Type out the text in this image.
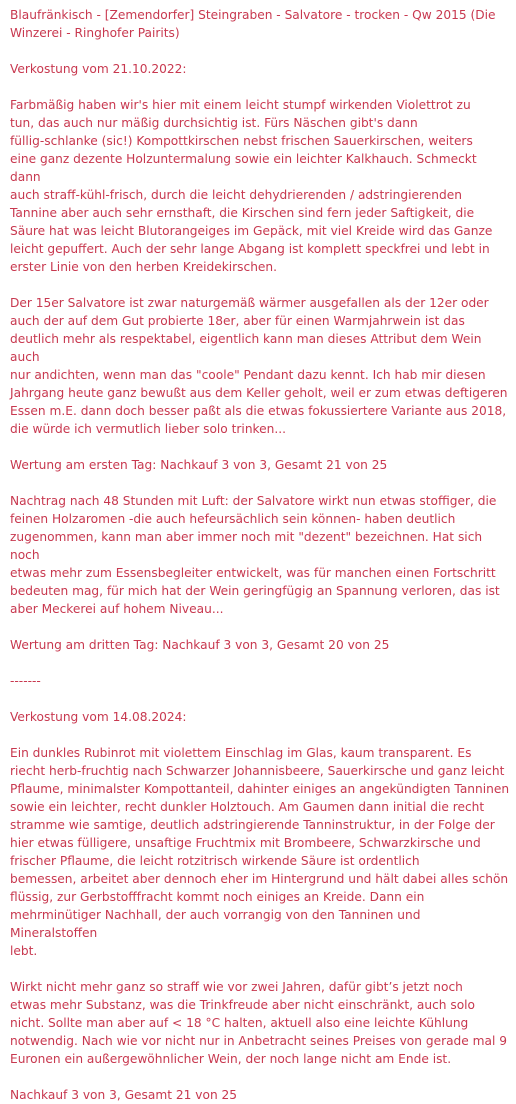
Blaufränkisch - [Zemendorfer] Steingraben - Salvatore - trocken - Qw 2015 (Die
Winzerei - Ringhofer Pairits)

Verkostung vom 21.10.2022:

Farbmäßig haben wir's hier mit einem leicht stumpf wirkenden Violettrot zu
tun, das auch nur mäßig durchsichtig ist. Fürs Näschen gibt's dann
füllig-schlanke (sic!) Kompottkirschen nebst frischen Sauerkirschen, weiters
eine ganz dezente Holzuntermalung sowie ein leichter Kalkhauch. Schmeckt dann
auch straff-kühl-frisch, durch die leicht dehydrierenden / adstringierenden
Tannine aber auch sehr ernsthaft, die Kirschen sind fern jeder Saftigkeit, die
Säure hat was leicht Blutorangeiges im Gepäck, mit viel Kreide wird das Ganze
leicht gepuffert. Auch der sehr lange Abgang ist komplett speckfrei und lebt in
erster Linie von den herben Kreidekirschen.

Der 15er Salvatore ist zwar naturgemäß wärmer ausgefallen als der 12er oder
auch der auf dem Gut probierte 18er, aber für einen Warmjahrwein ist das
deutlich mehr als respektabel, eigentlich kann man dieses Attribut dem Wein auch
nur andichten, wenn man das "coole" Pendant dazu kennt. Ich hab mir diesen
Jahrgang heute ganz bewußt aus dem Keller geholt, weil er zum etwas deftigeren
Essen m.E. dann doch besser paßt als die etwas fokussiertere Variante aus 2018,
die würde ich vermutlich lieber solo trinken...

Wertung am ersten Tag: Nachkauf 3 von 3, Gesamt 21 von 25

Nachtrag nach 48 Stunden mit Luft: der Salvatore wirkt nun etwas stoffiger, die
feinen Holzaromen -die auch hefeursächlich sein können- haben deutlich
zugenommen, kann man aber immer noch mit "dezent" bezeichnen. Hat sich noch
etwas mehr zum Essensbegleiter entwickelt, was für manchen einen Fortschritt
bedeuten mag, für mich hat der Wein geringfügig an Spannung verloren, das ist
aber Meckerei auf hohem Niveau...

Wertung am dritten Tag: Nachkauf 3 von 3, Gesamt 20 von 25

-------

Verkostung vom 14.08.2024:

Ein dunkles Rubinrot mit violettem Einschlag im Glas, kaum transparent. Es
riecht herb-fruchtig nach Schwarzer Johannisbeere, Sauerkirsche und ganz leicht
Pflaume, minimalster Kompottanteil, dahinter einiges an angekündigten Tanninen
sowie ein leichter, recht dunkler Holztouch. Am Gaumen dann initial die recht
stramme wie samtige, deutlich adstringierende Tanninstruktur, in der Folge der
hier etwas fülligere, unsaftige Fruchtmix mit Brombeere, Schwarzkirsche und
frischer Pflaume, die leicht rotzitrisch wirkende Säure ist ordentlich
bemessen, arbeitet aber dennoch eher im Hintergrund und hält dabei alles schön
flüssig, zur Gerbstofffracht kommt noch einiges an Kreide. Dann ein
mehrminütiger Nachhall, der auch vorrangig von den Tanninen und Mineralstoffen
lebt.

Wirkt nicht mehr ganz so straff wie vor zwei Jahren, dafür gibt’s jetzt noch
etwas mehr Substanz, was die Trinkfreude aber nicht einschränkt, auch solo
nicht. Sollte man aber auf < 18 °C halten, aktuell also eine leichte Kühlung
notwendig. Nach wie vor nicht nur in Anbetracht seines Preises von gerade mal 9
Euronen ein außergewöhnlicher Wein, der noch lange nicht am Ende ist.

Nachkauf 3 von 3, Gesamt 21 von 25
